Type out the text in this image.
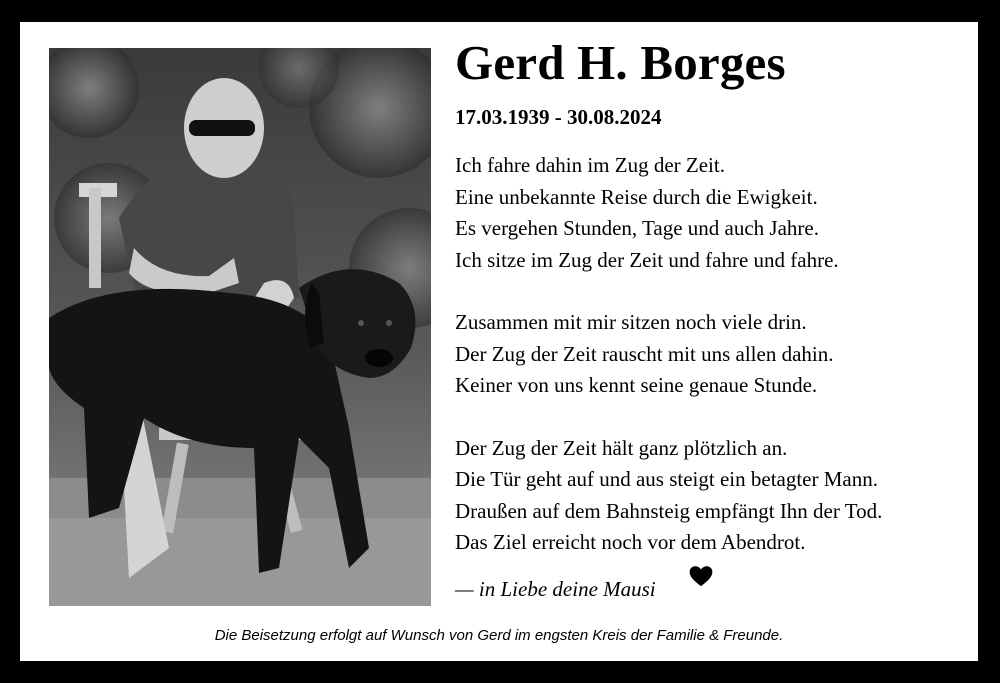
Gerd H. Borges
17.03.1939 - 30.08.2024
Ich fahre dahin im Zug der Zeit.
Eine unbekannte Reise durch die Ewigkeit.
Es vergehen Stunden, Tage und auch Jahre.
Ich sitze im Zug der Zeit und fahre und fahre.
Zusammen mit mir sitzen noch viele drin.
Der Zug der Zeit rauscht mit uns allen dahin.
Keiner von uns kennt seine genaue Stunde.
Der Zug der Zeit hält ganz plötzlich an.
Die Tür geht auf und aus steigt ein betagter Mann.
Draußen auf dem Bahnsteig empfängt Ihn der Tod.
Das Ziel erreicht noch vor dem Abendrot.
— in Liebe deine Mausi
Die Beisetzung erfolgt auf Wunsch von Gerd im engsten Kreis der Familie & Freunde.
